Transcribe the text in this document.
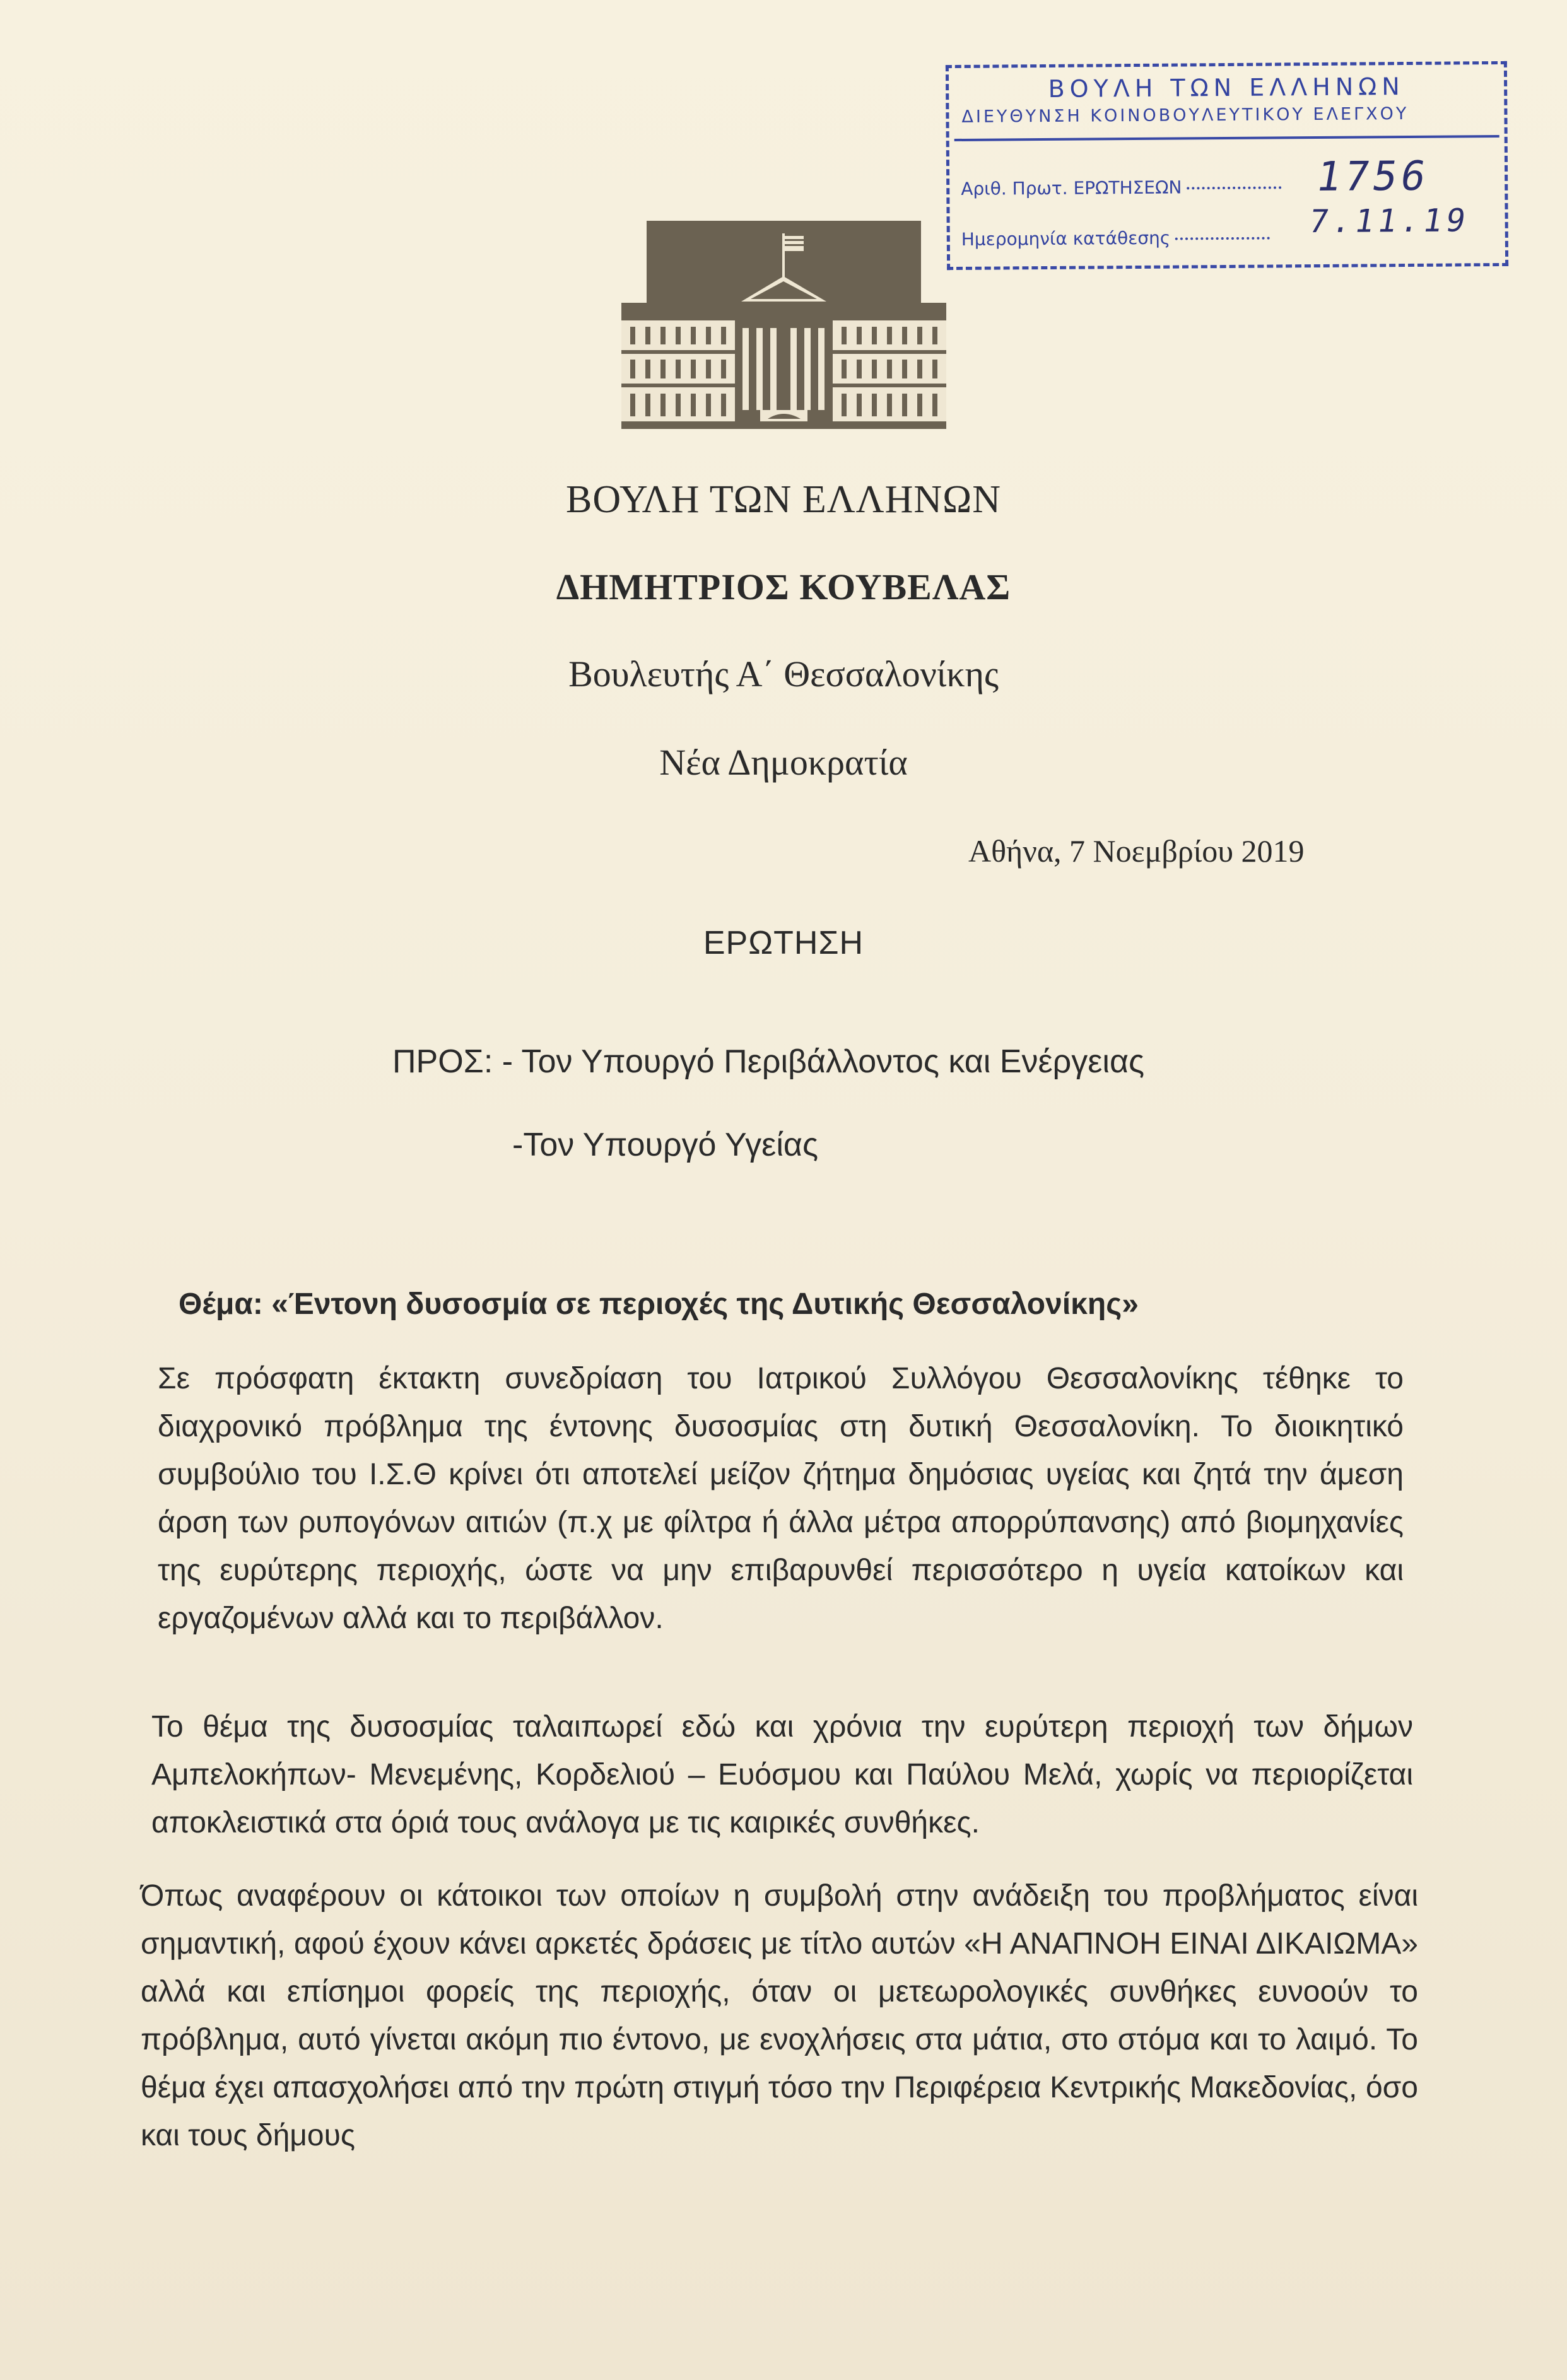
ΒΟΥΛΗ ΤΩΝ ΕΛΛΗΝΩΝ
ΔΙΕΥΘΥΝΣΗ ΚΟΙΝΟΒΟΥΛΕΥΤΙΚΟΥ ΕΛΕΓΧΟΥ
Αριθ. Πρωτ. ΕΡΩΤΗΣΕΩΝ	1756
Ημερομηνία κατάθεσης	7.11.19
ΒΟΥΛΗ ΤΩΝ ΕΛΛΗΝΩΝ
ΔΗΜΗΤΡΙΟΣ ΚΟΥΒΕΛΑΣ
Βουλευτής Α΄ Θεσσαλονίκης
Νέα Δημοκρατία
Αθήνα, 7 Νοεμβρίου 2019
ΕΡΩΤΗΣΗ
ΠΡΟΣ: - Τον Υπουργό Περιβάλλοντος και Ενέργειας
-Τον Υπουργό Υγείας
Θέμα: «Έντονη δυσοσμία σε περιοχές της Δυτικής Θεσσαλονίκης»

Σε πρόσφατη έκτακτη συνεδρίαση του Ιατρικού Συλλόγου Θεσσαλονίκης τέθηκε το διαχρονικό πρόβλημα της έντονης δυσοσμίας στη δυτική Θεσσαλονίκη. Το διοικητικό συμβούλιο του Ι.Σ.Θ κρίνει ότι αποτελεί μείζον ζήτημα δημόσιας υγείας και ζητά την άμεση άρση των ρυπογόνων αιτιών (π.χ με φίλτρα ή άλλα μέτρα απορρύπανσης) από βιομηχανίες της ευρύτερης περιοχής, ώστε να μην επιβαρυνθεί περισσότερο η υγεία κατοίκων και εργαζομένων αλλά και το περιβάλλον.

Το θέμα της δυσοσμίας ταλαιπωρεί εδώ και χρόνια την ευρύτερη περιοχή των δήμων Αμπελοκήπων- Μενεμένης, Κορδελιού – Ευόσμου και Παύλου Μελά, χωρίς να περιορίζεται αποκλειστικά στα όριά τους ανάλογα με τις καιρικές συνθήκες.

Όπως αναφέρουν οι κάτοικοι των οποίων η συμβολή στην ανάδειξη του προβλήματος είναι σημαντική, αφού έχουν κάνει αρκετές δράσεις με τίτλο αυτών «Η ΑΝΑΠΝΟΗ ΕΙΝΑΙ ΔΙΚΑΙΩΜΑ» αλλά και επίσημοι φορείς της περιοχής, όταν οι μετεωρολογικές συνθήκες ευνοούν το πρόβλημα, αυτό γίνεται ακόμη πιο έντονο, με ενοχλήσεις στα μάτια, στο στόμα και το λαιμό. Το θέμα έχει απασχολήσει από την πρώτη στιγμή τόσο την Περιφέρεια Κεντρικής Μακεδονίας, όσο και τους δήμους
